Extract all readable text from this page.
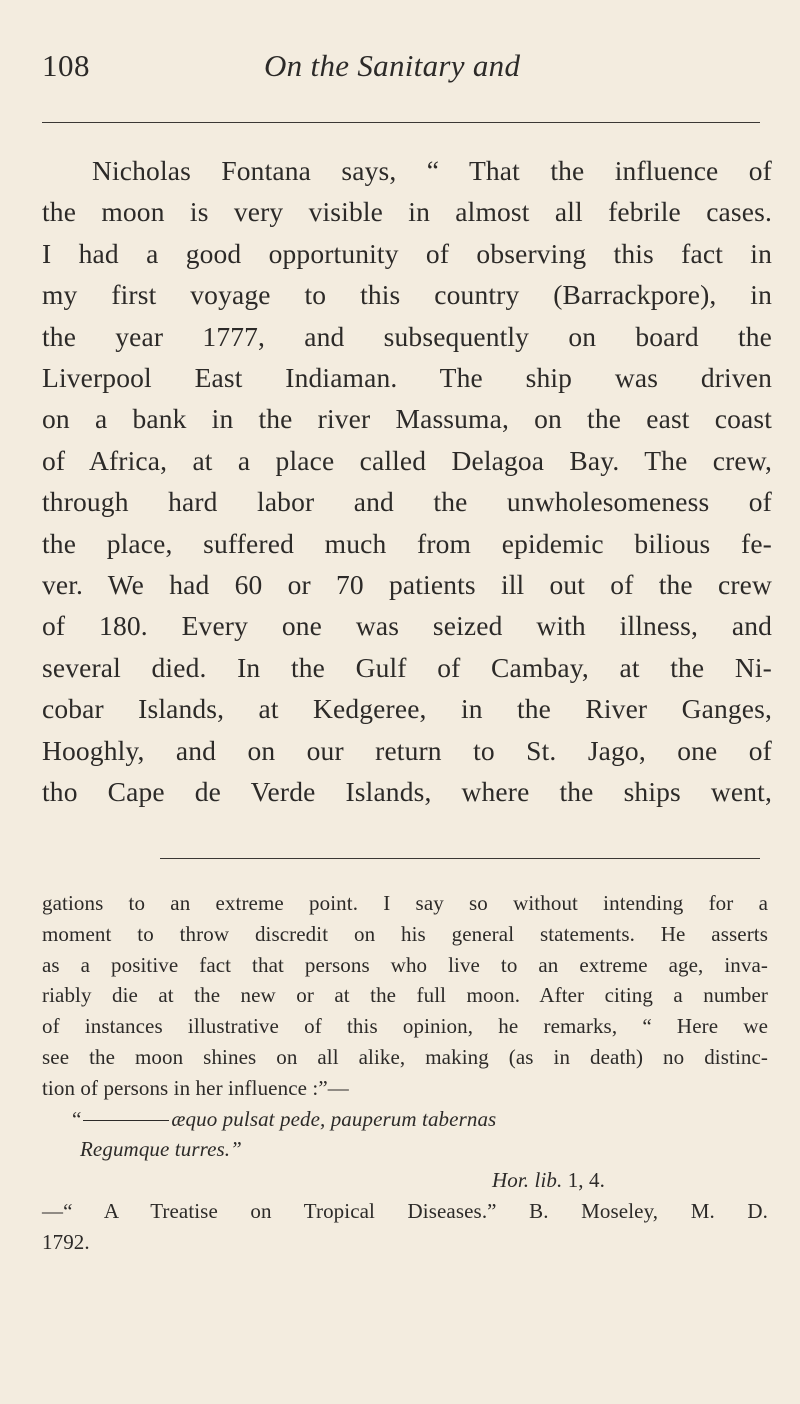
108	On the Sanitary and
Nicholas Fontana says, “ That the influence of
the moon is very visible in almost all febrile cases.
I had a good opportunity of observing this fact in
my first voyage to this country (Barrackpore), in
the year 1777, and subsequently on board the
Liverpool East Indiaman. The ship was driven
on a bank in the river Massuma, on the east coast
of Africa, at a place called Delagoa Bay. The crew,
through hard labor and the unwholesomeness of
the place, suffered much from epidemic bilious fe-
ver. We had 60 or 70 patients ill out of the crew
of 180. Every one was seized with illness, and
several died. In the Gulf of Cambay, at the Ni-
cobar Islands, at Kedgeree, in the River Ganges,
Hooghly, and on our return to St. Jago, one of
tho Cape de Verde Islands, where the ships went,
gations to an extreme point. I say so without intending for a
moment to throw discredit on his general statements. He asserts
as a positive fact that persons who live to an extreme age, inva-
riably die at the new or at the full moon. After citing a number
of instances illustrative of this opinion, he remarks, “ Here we
see the moon shines on all alike, making (as in death) no distinc-
tion of persons in her influence :”—
“	æquo pulsat pede, pauperum tabernas
Regumque turres.”
Hor. lib. 1, 4.
—“ A Treatise on Tropical Diseases.” B. Moseley, M. D.
1792.
